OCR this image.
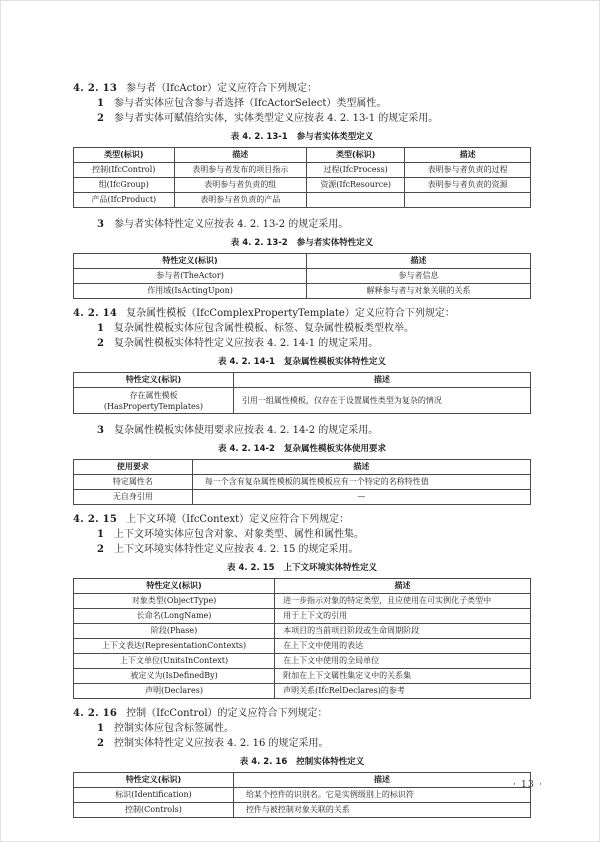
4. 2. 13 参与者（IfcActor）定义应符合下列规定：

1 参与者实体应包含参与者选择（IfcActorSelect）类型属性。

2 参与者实体可赋值给实体，实体类型定义应按表 4. 2. 13-1 的规定采用。

表 4. 2. 13-1 参与者实体类型定义

类型(标识)	描述	类型(标识)	描述
控制(IfcControl)	表明参与者发布的项目指示	过程(IfcProcess)	表明参与者负责的过程
组(IfcGroup)	表明参与者负责的组	资源(IfcResource)	表明参与者负责的资源
产品(IfcProduct)	表明参与者负责的产品		

3 参与者实体特性定义应按表 4. 2. 13-2 的规定采用。

表 4. 2. 13-2 参与者实体特性定义

特性定义(标识)	描述
参与者(TheActor)	参与者信息
作用域(IsActingUpon)	解释参与者与对象关联的关系

4. 2. 14 复杂属性模板（IfcComplexPropertyTemplate）定义应符合下列规定：

1 复杂属性模板实体应包含属性模板、标签、复杂属性模板类型枚举。

2 复杂属性模板实体特性定义应按表 4. 2. 14-1 的规定采用。

表 4. 2. 14-1 复杂属性模板实体特性定义

特性定义(标识)	描述

存在属性模板
(HasPropertyTemplates)	引用一组属性模板，仅存在于设置属性类型为复杂的情况

3 复杂属性模板实体使用要求应按表 4. 2. 14-2 的规定采用。

表 4. 2. 14-2 复杂属性模板实体使用要求

使用要求	描述
特定属性名	每一个含有复杂属性模板的属性模板应有一个特定的名称特性值
无自身引用	—

4. 2. 15 上下文环境（IfcContext）定义应符合下列规定：

1 上下文环境实体应包含对象、对象类型、属性和属性集。

2 上下文环境实体特性定义应按表 4. 2. 15 的规定采用。

表 4. 2. 15 上下文环境实体特性定义

特性定义(标识)	描述
对象类型(ObjectType)	进一步指示对象的特定类型，且应使用在可实例化子类型中
长命名(LongName)	用于上下文的引用
阶段(Phase)	本项目的当前项目阶段或生命周期阶段
上下文表达(RepresentationContexts)	在上下文中使用的表达
上下文单位(UnitsInContext)	在上下文中使用的全局单位
被定义为(IsDefinedBy)	附加在上下文属性集定义中的关系集
声明(Declares)	声明关系(IfcRelDeclares)的参考

4. 2. 16 控制（IfcControl）的定义应符合下列规定：

1 控制实体应包含标签属性。

2 控制实体特性定义应按表 4. 2. 16 的规定采用。

表 4. 2. 16 控制实体特性定义

特性定义(标识)	描述
标识(Identification)	给某个控件的识别名。它是实例级别上的标识符
控制(Controls)	控件与被控制对象关联的关系
· 13 ·
